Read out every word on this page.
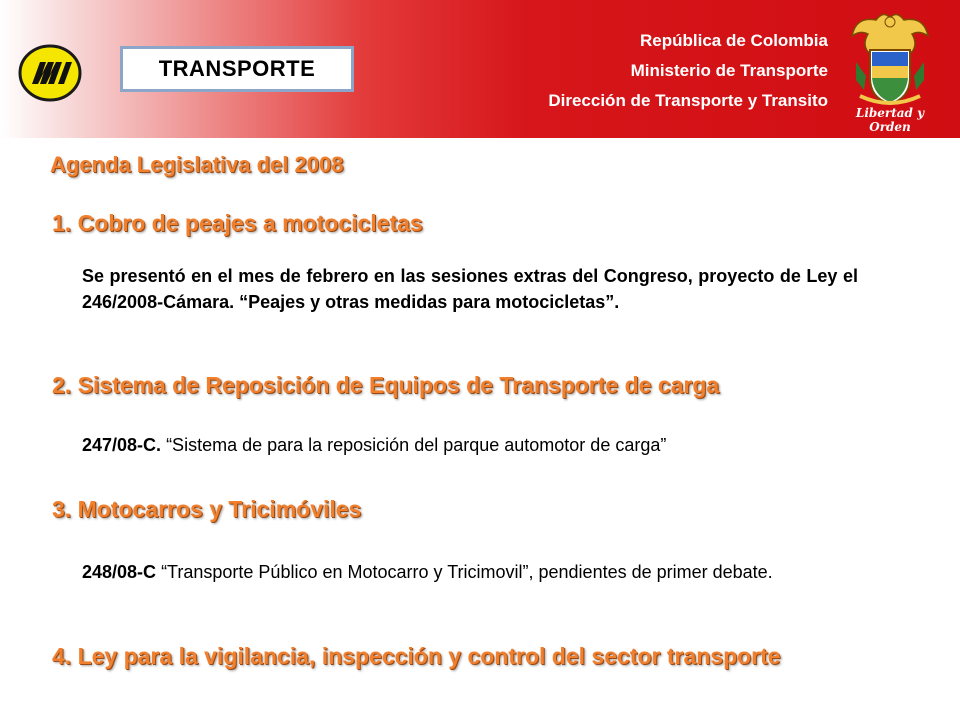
TRANSPORTE
República de Colombia
Ministerio de Transporte
Dirección de Transporte y Transito
Libertad y Orden
Agenda Legislativa del 2008
1. Cobro de peajes a motocicletas
Se presentó en el mes de febrero en las sesiones extras del Congreso, proyecto de Ley el 246/2008-Cámara. “Peajes y otras medidas para motocicletas”.
2. Sistema de Reposición de Equipos de Transporte de carga
247/08-C. “Sistema de para la reposición del parque automotor de carga”
3. Motocarros y Tricimóviles
248/08-C “Transporte Público en Motocarro y Tricimovil”, pendientes de primer debate.
4. Ley para la vigilancia, inspección y control del sector transporte
